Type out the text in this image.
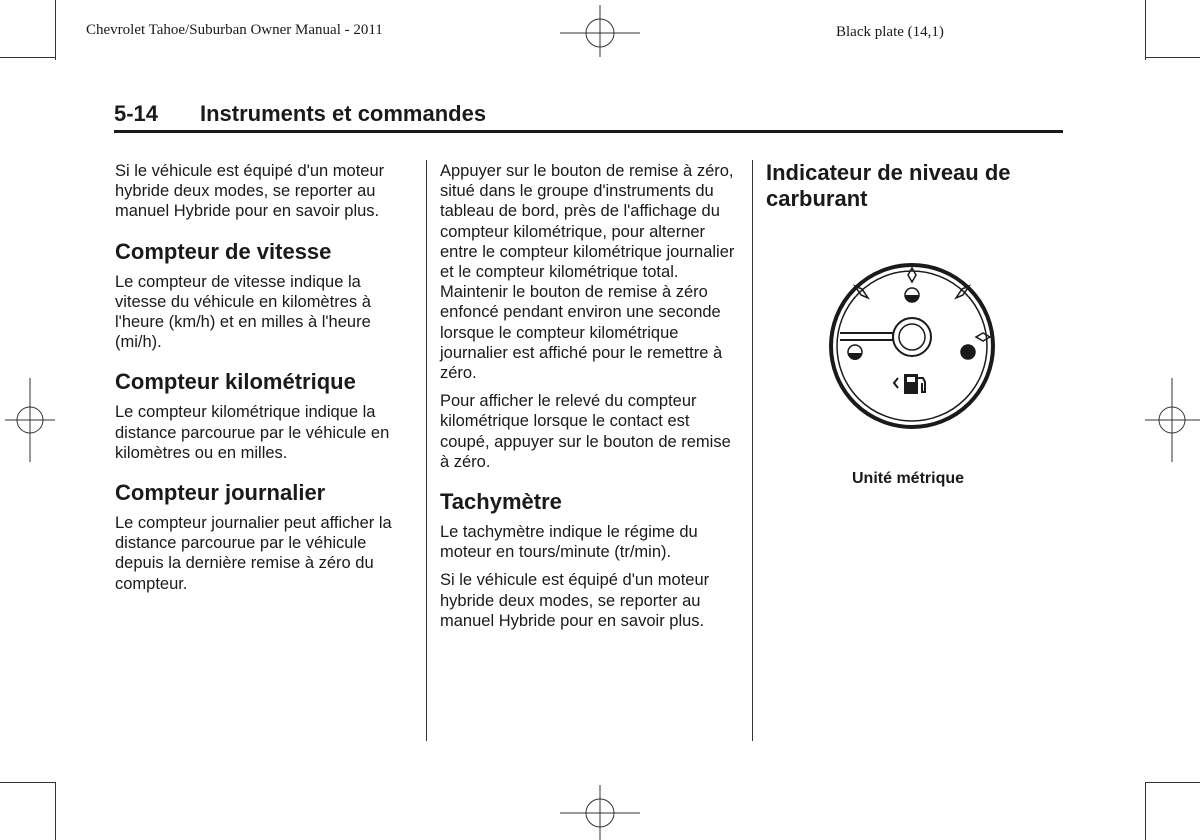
Chevrolet Tahoe/Suburban Owner Manual - 2011	Black plate (14,1)
5-14 Instruments et commandes

Si le véhicule est équipé d'un moteur hybride deux modes, se reporter au manuel Hybride pour en savoir plus.

Compteur de vitesse

Le compteur de vitesse indique la vitesse du véhicule en kilomètres à l'heure (km/h) et en milles à l'heure (mi/h).

Compteur kilométrique

Le compteur kilométrique indique la distance parcourue par le véhicule en kilomètres ou en milles.

Compteur journalier

Le compteur journalier peut afficher la distance parcourue par le véhicule depuis la dernière remise à zéro du compteur.

Appuyer sur le bouton de remise à zéro, situé dans le groupe d'instruments du tableau de bord, près de l'affichage du compteur kilométrique, pour alterner entre le compteur kilométrique journalier et le compteur kilométrique total. Maintenir le bouton de remise à zéro enfoncé pendant environ une seconde lorsque le compteur kilométrique journalier est affiché pour le remettre à zéro.

Pour afficher le relevé du compteur kilométrique lorsque le contact est coupé, appuyer sur le bouton de remise à zéro.

Tachymètre

Le tachymètre indique le régime du moteur en tours/minute (tr/min).

Si le véhicule est équipé d'un moteur hybride deux modes, se reporter au manuel Hybride pour en savoir plus.

Indicateur de niveau de carburant
Unité métrique
